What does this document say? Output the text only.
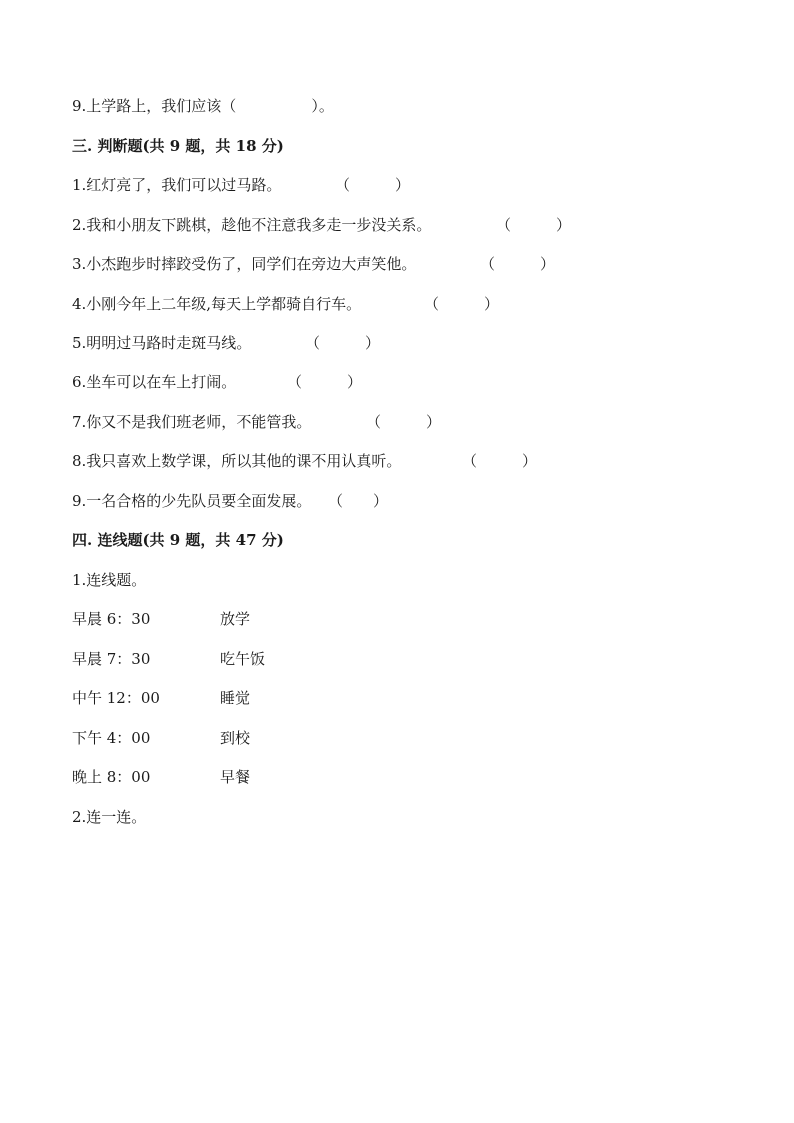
9.上学路上，我们应该（　　　　　）。
三. 判断题(共 9 题，共 18 分)
1.红灯亮了，我们可以过马路。	（　　　）
2.我和小朋友下跳棋，趁他不注意我多走一步没关系。	（　　　）
3.小杰跑步时摔跤受伤了，同学们在旁边大声笑他。	（　　　）
4.小刚今年上二年级,每天上学都骑自行车。	（　　　）
5.明明过马路时走斑马线。	（　　　）
6.坐车可以在车上打闹。	（　　　）
7.你又不是我们班老师，不能管我。	（　　　）
8.我只喜欢上数学课，所以其他的课不用认真听。	（　　　）
9.一名合格的少先队员要全面发展。 （　　）
四. 连线题(共 9 题，共 47 分)
1.连线题。
早晨 6：30	放学
早晨 7：30	吃午饭
中午 12：00	睡觉
下午 4：00	到校
晚上 8：00	早餐
2.连一连。
